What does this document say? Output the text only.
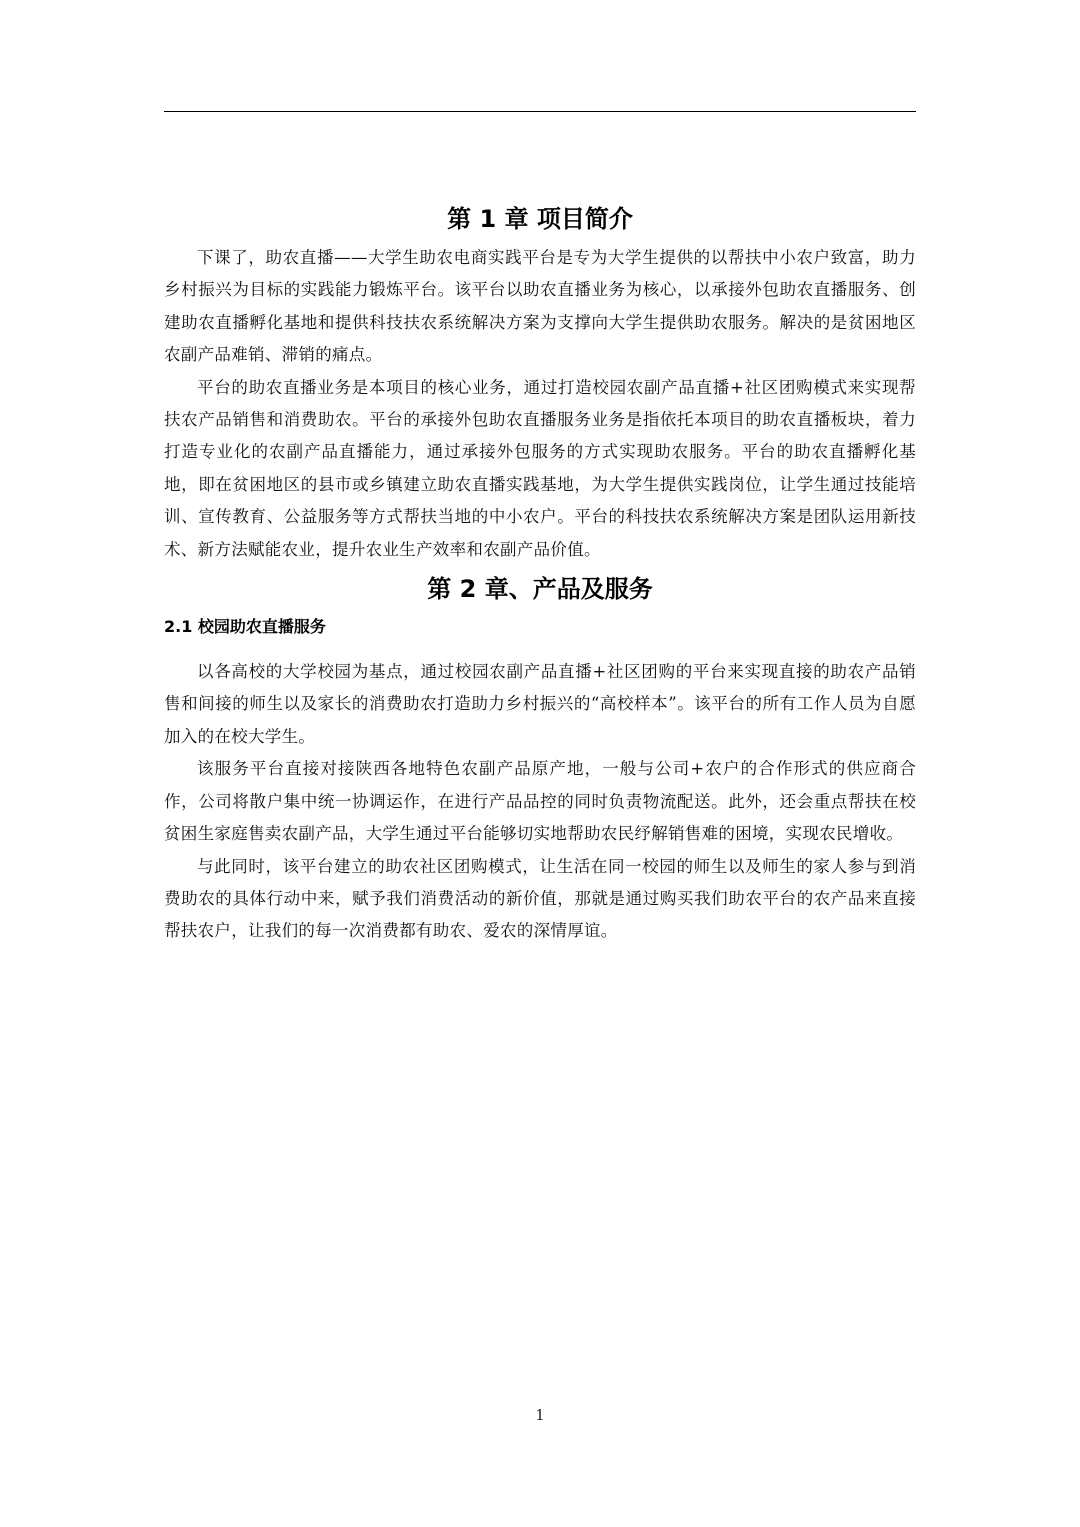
第 1 章 项目简介

下课了，助农直播——大学生助农电商实践平台是专为大学生提供的以帮扶中小农户致富，助力乡村振兴为目标的实践能力锻炼平台。该平台以助农直播业务为核心，以承接外包助农直播服务、创建助农直播孵化基地和提供科技扶农系统解决方案为支撑向大学生提供助农服务。解决的是贫困地区农副产品难销、滞销的痛点。

平台的助农直播业务是本项目的核心业务，通过打造校园农副产品直播+社区团购模式来实现帮扶农产品销售和消费助农。平台的承接外包助农直播服务业务是指依托本项目的助农直播板块，着力打造专业化的农副产品直播能力，通过承接外包服务的方式实现助农服务。平台的助农直播孵化基地，即在贫困地区的县市或乡镇建立助农直播实践基地，为大学生提供实践岗位，让学生通过技能培训、宣传教育、公益服务等方式帮扶当地的中小农户。平台的科技扶农系统解决方案是团队运用新技术、新方法赋能农业，提升农业生产效率和农副产品价值。

第 2 章、产品及服务
2.1 校园助农直播服务

以各高校的大学校园为基点，通过校园农副产品直播+社区团购的平台来实现直接的助农产品销售和间接的师生以及家长的消费助农打造助力乡村振兴的“高校样本”。该平台的所有工作人员为自愿加入的在校大学生。

该服务平台直接对接陕西各地特色农副产品原产地，一般与公司+农户的合作形式的供应商合作，公司将散户集中统一协调运作，在进行产品品控的同时负责物流配送。此外，还会重点帮扶在校贫困生家庭售卖农副产品，大学生通过平台能够切实地帮助农民纾解销售难的困境，实现农民增收。

与此同时，该平台建立的助农社区团购模式，让生活在同一校园的师生以及师生的家人参与到消费助农的具体行动中来，赋予我们消费活动的新价值，那就是通过购买我们助农平台的农产品来直接帮扶农户，让我们的每一次消费都有助农、爱农的深情厚谊。

1
